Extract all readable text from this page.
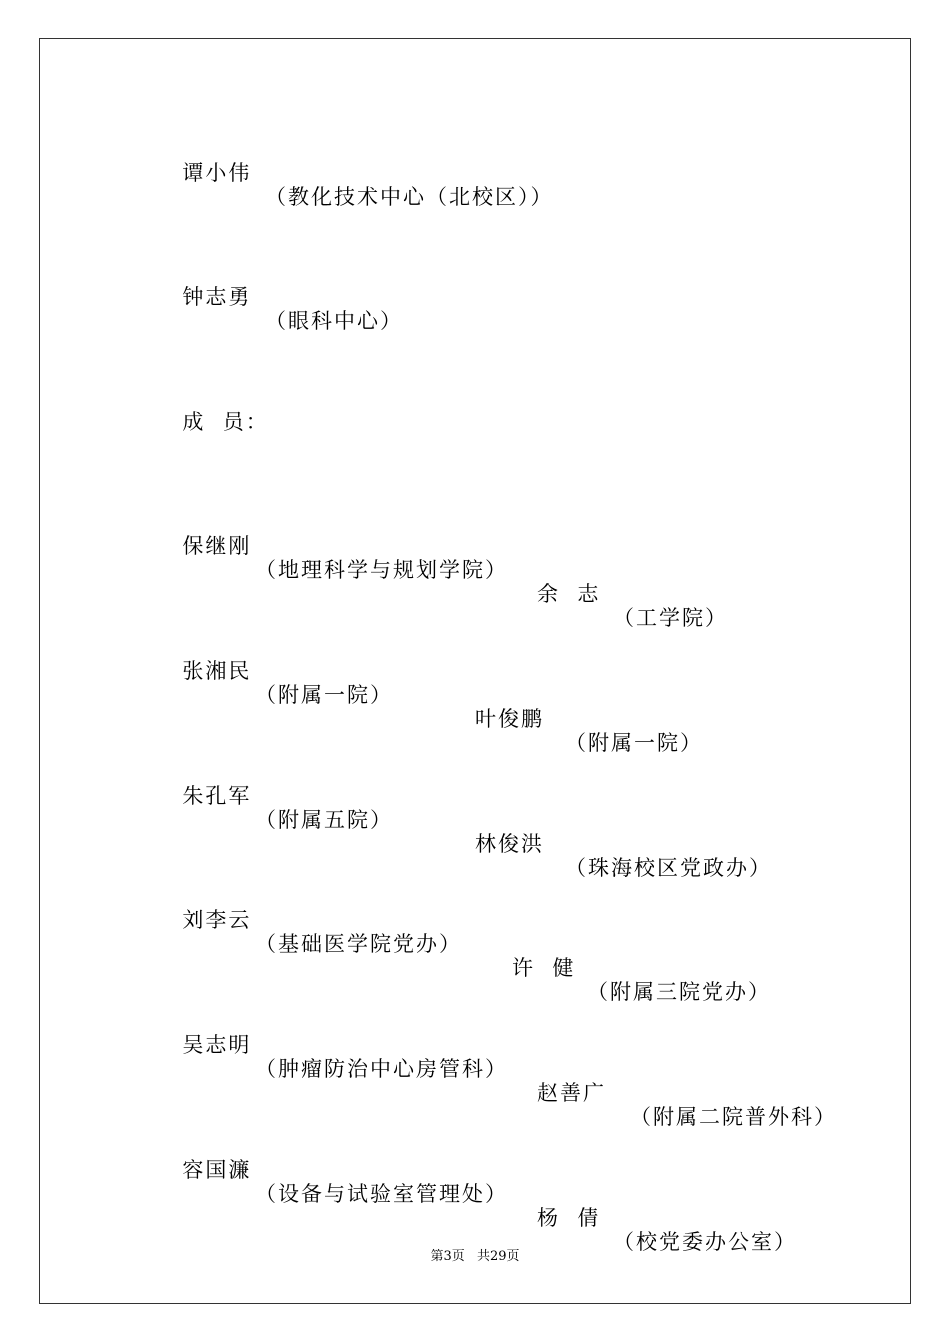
谭小伟

（教化技术中心（北校区））

钟志勇

（眼科中心）

成  员：

保继刚

（地理科学与规划学院）

余  志

（工学院）

张湘民

（附属一院）

叶俊鹏

（附属一院）

朱孔军

（附属五院）

林俊洪

（珠海校区党政办）

刘李云

（基础医学院党办）

许  健

（附属三院党办）

吴志明

（肿瘤防治中心房管科）

赵善广

（附属二院普外科）

容国濂

（设备与试验室管理处）

杨  倩

（校党委办公室）

第3页 共29页
